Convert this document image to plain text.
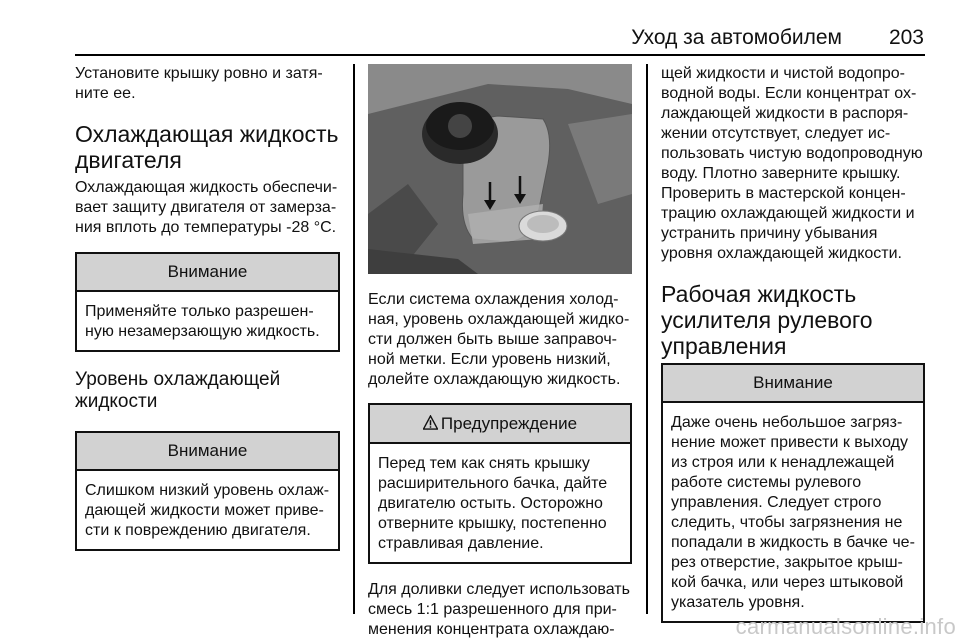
Уход за автомобилем 203

Установите крышку ровно и затя-

ните ее.

Охлаждающая жидкость
двигателя

Охлаждающая жидкость обеспечи-

вает защиту двигателя от замерза-

ния вплоть до температуры -28 °C.

Внимание

Применяйте только разрешен-

ную незамерзающую жидкость.

Уровень охлаждающей
жидкости
Внимание

Слишком низкий уровень охлаж-

дающей жидкости может приве-

сти к повреждению двигателя.

Если система охлаждения холод-

ная, уровень охлаждающей жидко-

сти должен быть выше заправоч-

ной метки. Если уровень низкий,

долейте охлаждающую жидкость.

Предупреждение

Перед тем как снять крышку

расширительного бачка, дайте

двигателю остыть. Осторожно

отверните крышку, постепенно

стравливая давление.

Для доливки следует использовать

смесь 1:1 разрешенного для при-

менения концентрата охлаждаю-

щей жидкости и чистой водопро-

водной воды. Если концентрат ох-

лаждающей жидкости в распоря-

жении отсутствует, следует ис-

пользовать чистую водопроводную

воду. Плотно заверните крышку.

Проверить в мастерской концен-

трацию охлаждающей жидкости и

устранить причину убывания

уровня охлаждающей жидкости.

Рабочая жидкость
усилителя рулевого
управления
Внимание

Даже очень небольшое загряз-

нение может привести к выходу

из строя или к ненадлежащей

работе системы рулевого

управления. Следует строго

следить, чтобы загрязнения не

попадали в жидкость в бачке че-

рез отверстие, закрытое крыш-

кой бачка, или через штыковой

указатель уровня.

carmanualsonline.info
